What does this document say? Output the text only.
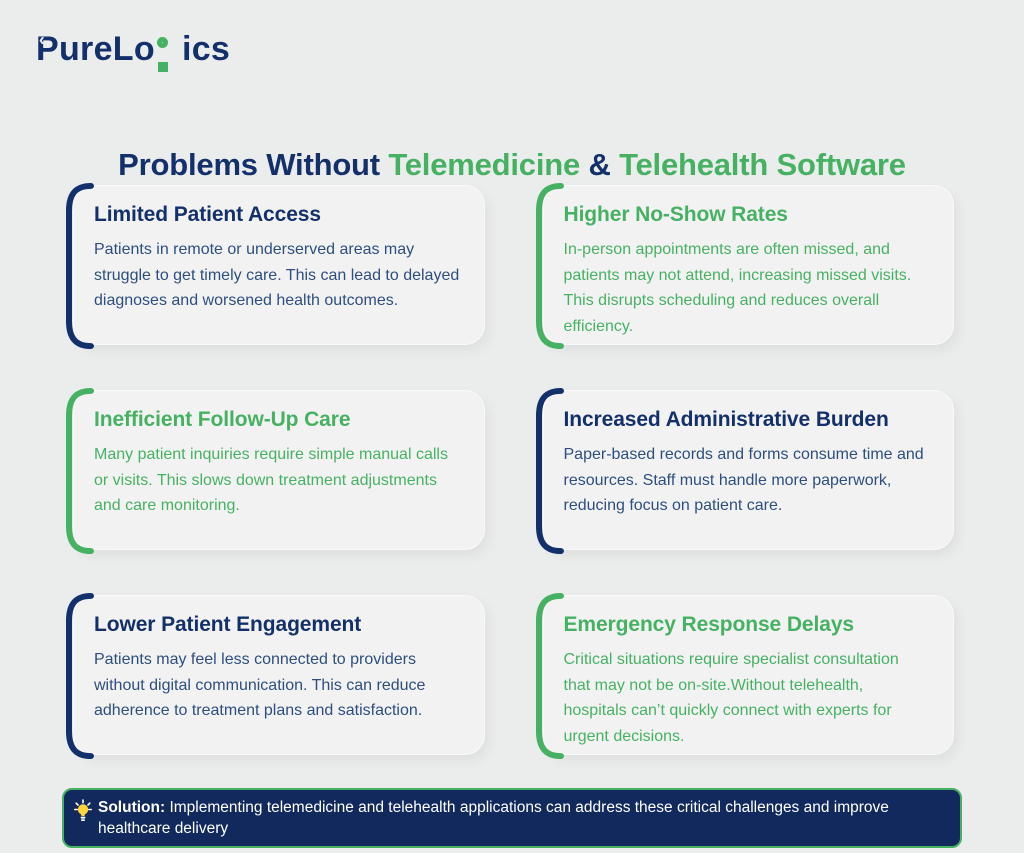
Pure ‹ L o ics
Problems Without Telemedicine & Telehealth Software
Limited Patient Access

Patients in remote or underserved areas may struggle to get timely care. This can lead to delayed diagnoses and worsened health outcomes.

Higher No-Show Rates

In-person appointments are often missed, and patients may not attend, increasing missed visits. This disrupts scheduling and reduces overall efficiency.

Inefficient Follow-Up Care

Many patient inquiries require simple manual calls or visits. This slows down treatment adjustments and care monitoring.

Increased Administrative Burden

Paper-based records and forms consume time and resources. Staff must handle more paperwork, reducing focus on patient care.

Lower Patient Engagement

Patients may feel less connected to providers without digital communication. This can reduce adherence to treatment plans and satisfaction.

Emergency Response Delays

Critical situations require specialist consultation that may not be on-site.Without telehealth, hospitals can’t quickly connect with experts for urgent decisions.

Solution: Implementing telemedicine and telehealth applications can address these critical challenges and improve healthcare delivery
